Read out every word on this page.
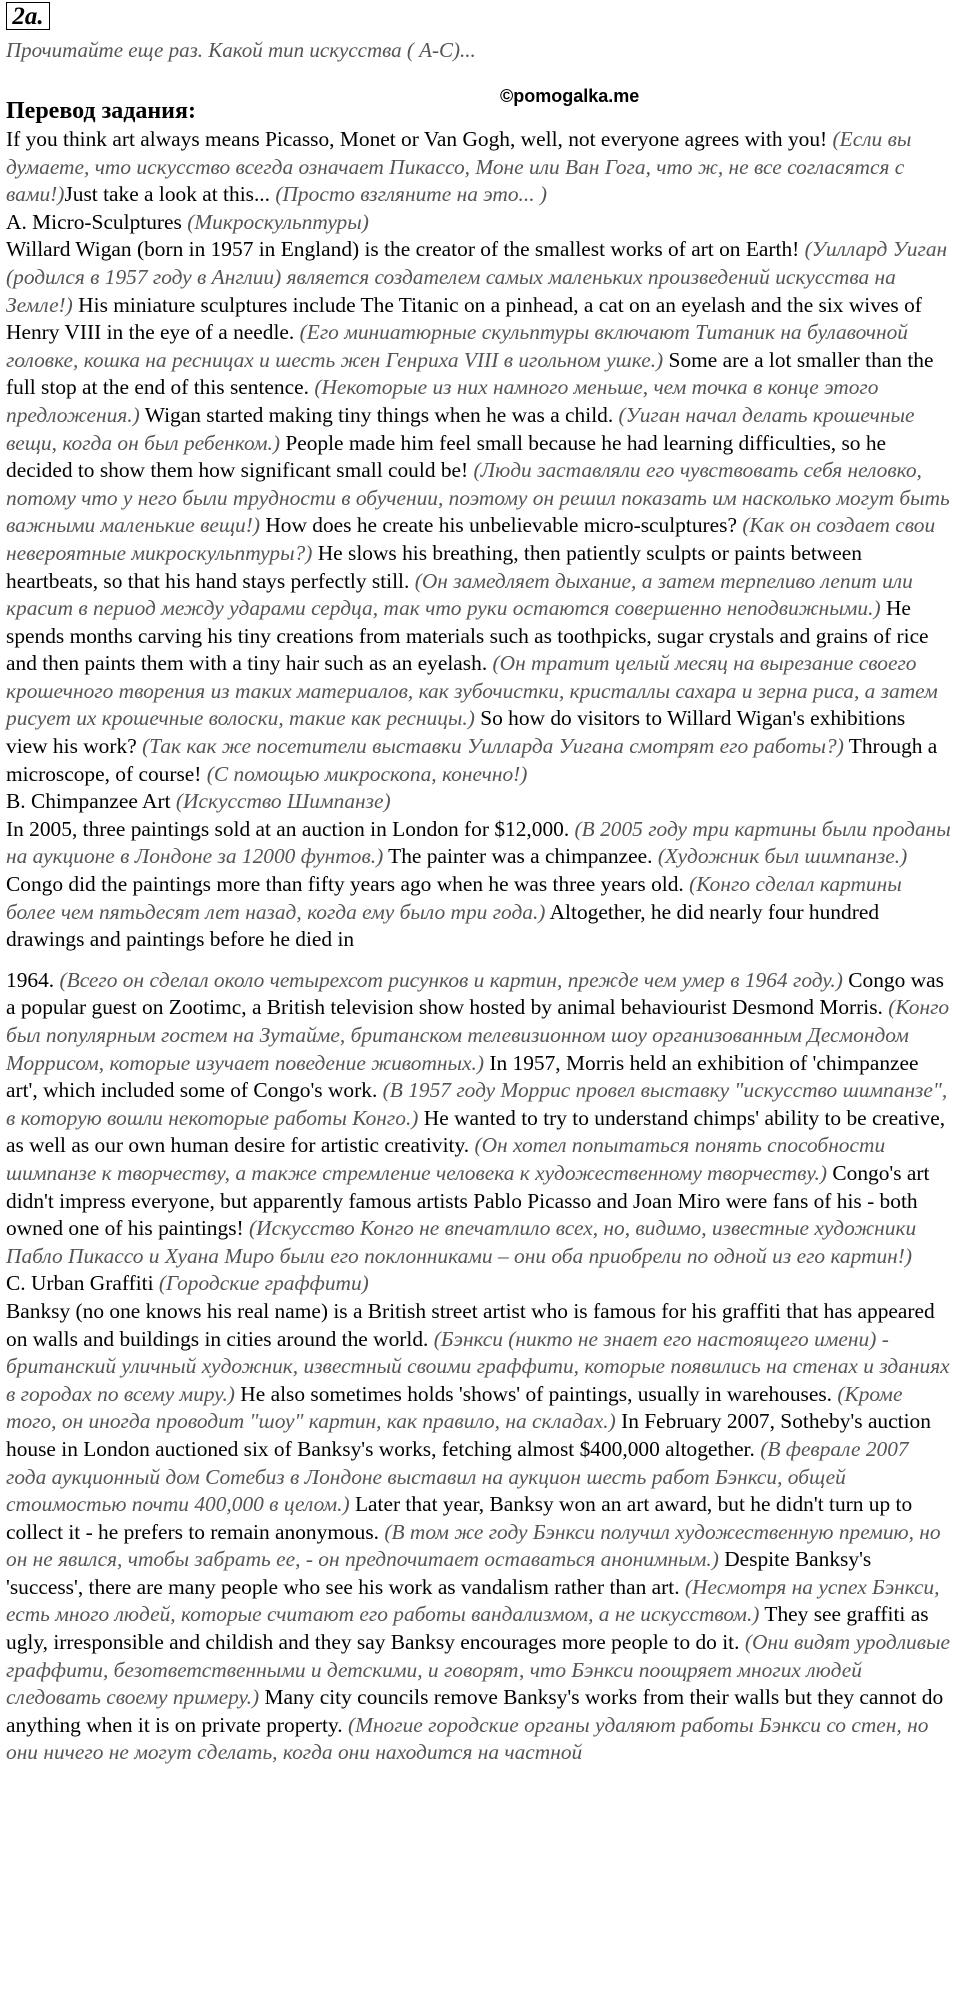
2a.
Прочитайте еще раз. Какой тип искусства ( A-C)...
Перевод задания:
©pomogalka.me

If you think art always means Picasso, Monet or Van Gogh, well, not everyone agrees with you! (Если вы думаете, что искусство всегда означает Пикассо, Моне или Ван Гога, что ж, не все согласятся с вами!)Just take a look at this... (Просто взгляните на это... )

A. Micro-Sculptures (Микроскульптуры)

Willard Wigan (born in 1957 in England) is the creator of the smallest works of art on Earth! (Уиллард Уиган (родился в 1957 году в Англии) является создателем самых маленьких произведений искусства на Земле!) His miniature sculptures include The Titanic on a pinhead, a cat on an eyelash and the six wives of Henry VIII in the eye of a needle. (Его миниатюрные скульптуры включают Титаник на булавочной головке, кошка на ресницах и шесть жен Генриха VIII в игольном ушке.) Some are a lot smaller than the full stop at the end of this sentence. (Некоторые из них намного меньше, чем точка в конце этого предложения.) Wigan started making tiny things when he was a child. (Уиган начал делать крошечные вещи, когда он был ребенком.) People made him feel small because he had learning difficulties, so he decided to show them how significant small could be! (Люди заставляли его чувствовать себя неловко, потому что у него были трудности в обучении, поэтому он решил показать им насколько могут быть важными маленькие вещи!) How does he create his unbelievable micro-sculptures? (Как он создает свои невероятные микроскульптуры?) He slows his breathing, then patiently sculpts or paints between heartbeats, so that his hand stays perfectly still. (Он замедляет дыхание, а затем терпеливо лепит или красит в период между ударами сердца, так что руки остаются совершенно неподвижными.) He spends months carving his tiny creations from materials such as toothpicks, sugar crystals and grains of rice and then paints them with a tiny hair such as an eyelash. (Он тратит целый месяц на вырезание своего крошечного творения из таких материалов, как зубочистки, кристаллы сахара и зерна риса, а затем рисует их крошечные волоски, такие как ресницы.) So how do visitors to Willard Wigan's exhibitions view his work? (Так как же посетители выставки Уилларда Уигана смотрят его работы?) Through a microscope, of course! (С помощью микроскопа, конечно!)

B. Chimpanzee Art (Искусство Шимпанзе)

In 2005, three paintings sold at an auction in London for $12,000. (В 2005 году три картины были проданы на аукционе в Лондоне за 12000 фунтов.) The painter was a chimpanzee. (Художник был шимпанзе.) Congo did the paintings more than fifty years ago when he was three years old. (Конго сделал картины более чем пятьдесят лет назад, когда ему было три года.) Altogether, he did nearly four hundred drawings and paintings before he died in

1964. (Всего он сделал около четырехсот рисунков и картин, прежде чем умер в 1964 году.) Congo was a popular guest on Zootimc, a British television show hosted by animal behaviourist Desmond Morris. (Конго был популярным гостем на Зутайме, британском телевизионном шоу организованным Десмондом Моррисом, которые изучает поведение животных.) In 1957, Morris held an exhibition of 'chimpanzee art', which included some of Congo's work. (В 1957 году Моррис провел выставку "искусство шимпанзе", в которую вошли некоторые работы Конго.) He wanted to try to understand chimps' ability to be creative, as well as our own human desire for artistic creativity. (Он хотел попытаться понять способности шимпанзе к творчеству, а также стремление человека к художественному творчеству.) Congo's art didn't impress everyone, but apparently famous artists Pablo Picasso and Joan Miro were fans of his - both owned one of his paintings! (Искусство Конго не впечатлило всех, но, видимо, известные художники Пабло Пикассо и Хуана Миро были его поклонниками – они оба приобрели по одной из его картин!)

C. Urban Graffiti (Городские граффити)

Banksy (no one knows his real name) is a British street artist who is famous for his graffiti that has appeared on walls and buildings in cities around the world. (Бэнкси (никто не знает его настоящего имени) - британский уличный художник, известный своими граффити, которые появились на стенах и зданиях в городах по всему миру.) He also sometimes holds 'shows' of paintings, usually in warehouses. (Кроме того, он иногда проводит "шоу" картин, как правило, на складах.) In February 2007, Sotheby's auction house in London auctioned six of Banksy's works, fetching almost $400,000 altogether. (В феврале 2007 года аукционный дом Сотебиз в Лондоне выставил на аукцион шесть работ Бэнкси, общей стоимостью почти 400,000 в целом.) Later that year, Banksy won an art award, but he didn't turn up to collect it - he prefers to remain anonymous. (В том же году Бэнкси получил художественную премию, но он не явился, чтобы забрать ее, - он предпочитает оставаться анонимным.) Despite Banksy's 'success', there are many people who see his work as vandalism rather than art. (Несмотря на успех Бэнкси, есть много людей, которые считают его работы вандализмом, а не искусством.) They see graffiti as ugly, irresponsible and childish and they say Banksy encourages more people to do it. (Они видят уродливые граффити, безответственными и детскими, и говорят, что Бэнкси поощряет многих людей следовать своему примеру.) Many city councils remove Banksy's works from their walls but they cannot do anything when it is on private property. (Многие городские органы удаляют работы Бэнкси со стен, но они ничего не могут сделать, когда они находится на частной
